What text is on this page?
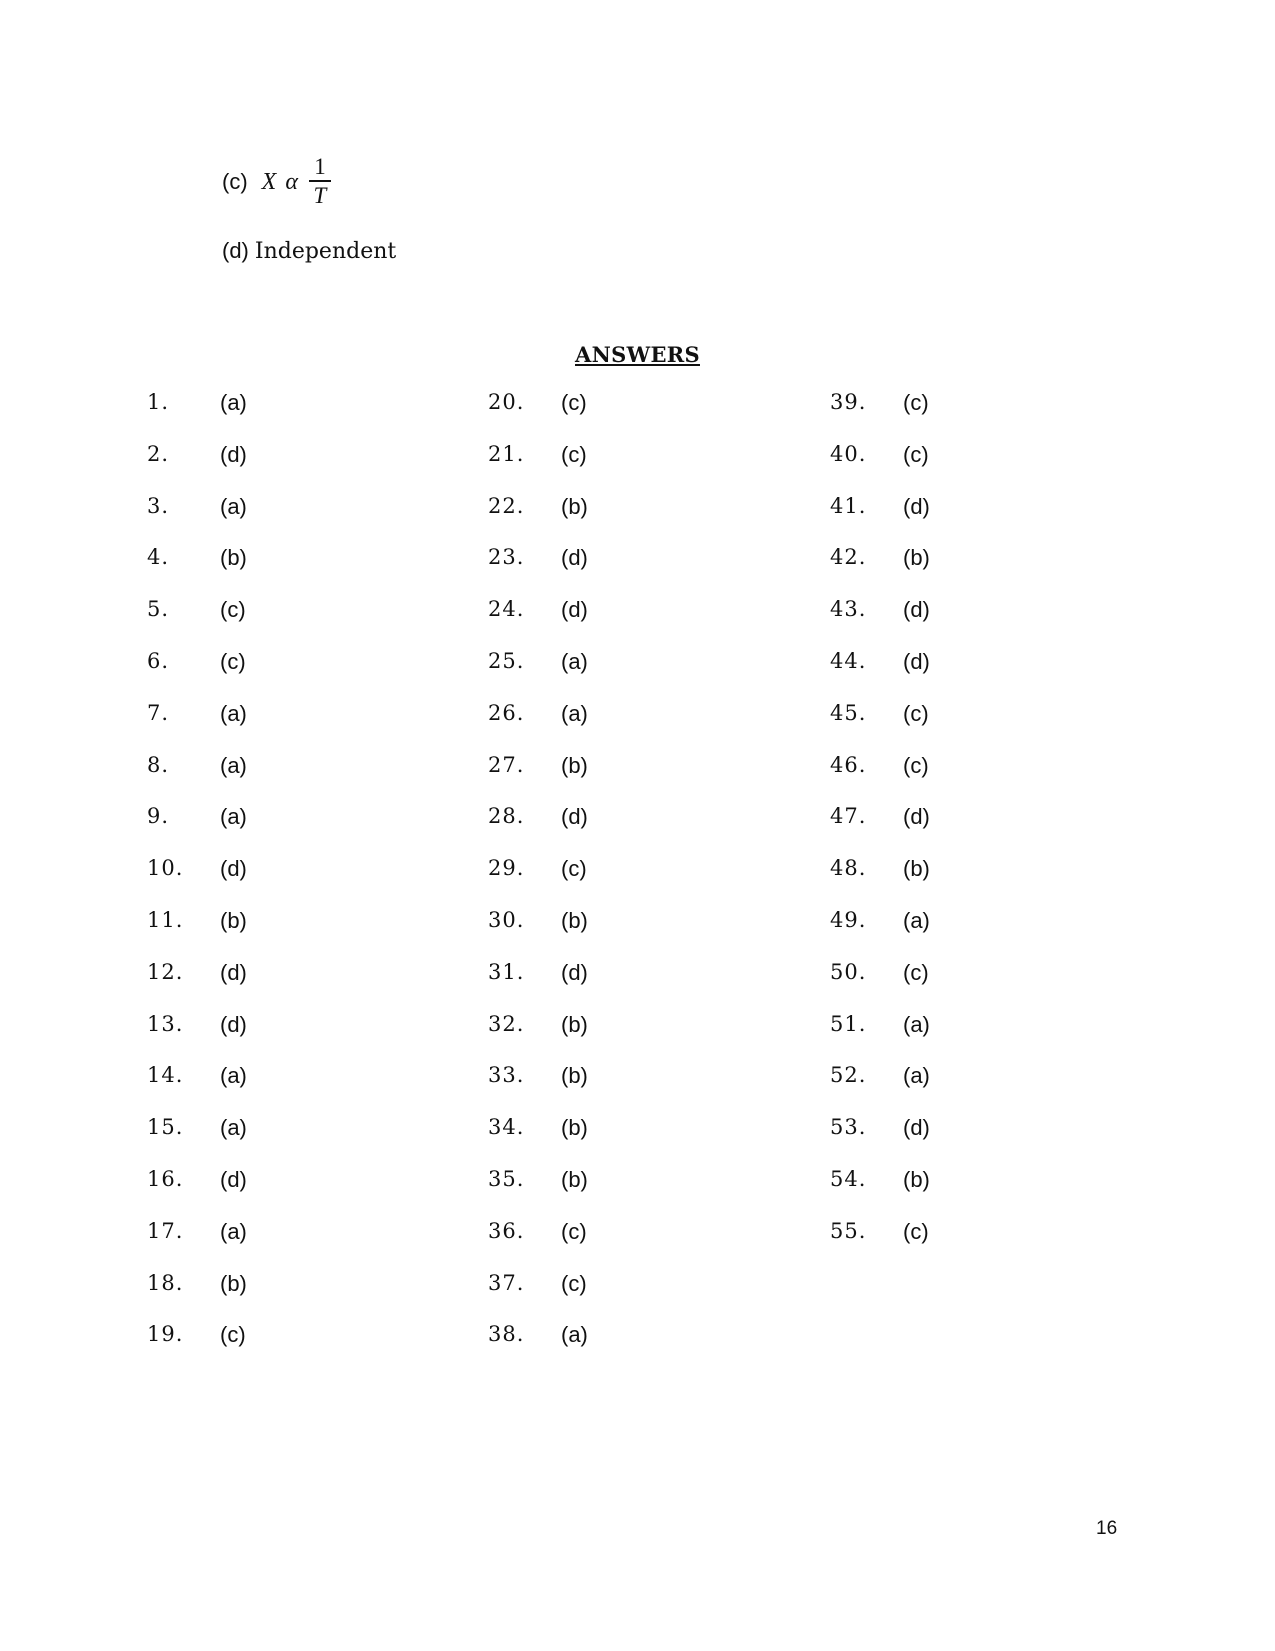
(c) X α $\frac{1}{T}$
(d) Independent
ANSWERS
1. (a)
2. (d)
3. (a)
4. (b)
5. (c)
6. (c)
7. (a)
8. (a)
9. (a)
10. (d)
11. (b)
12. (d)
13. (d)
14. (a)
15. (a)
16. (d)
17. (a)
18. (b)
19. (c)
20. (c)
21. (c)
22. (b)
23. (d)
24. (d)
25. (a)
26. (a)
27. (b)
28. (d)
29. (c)
30. (b)
31. (d)
32. (b)
33. (b)
34. (b)
35. (b)
36. (c)
37. (c)
38. (a)
39. (c)
40. (c)
41. (d)
42. (b)
43. (d)
44. (d)
45. (c)
46. (c)
47. (d)
48. (b)
49. (a)
50. (c)
51. (a)
52. (a)
53. (d)
54. (b)
55. (c)
16
